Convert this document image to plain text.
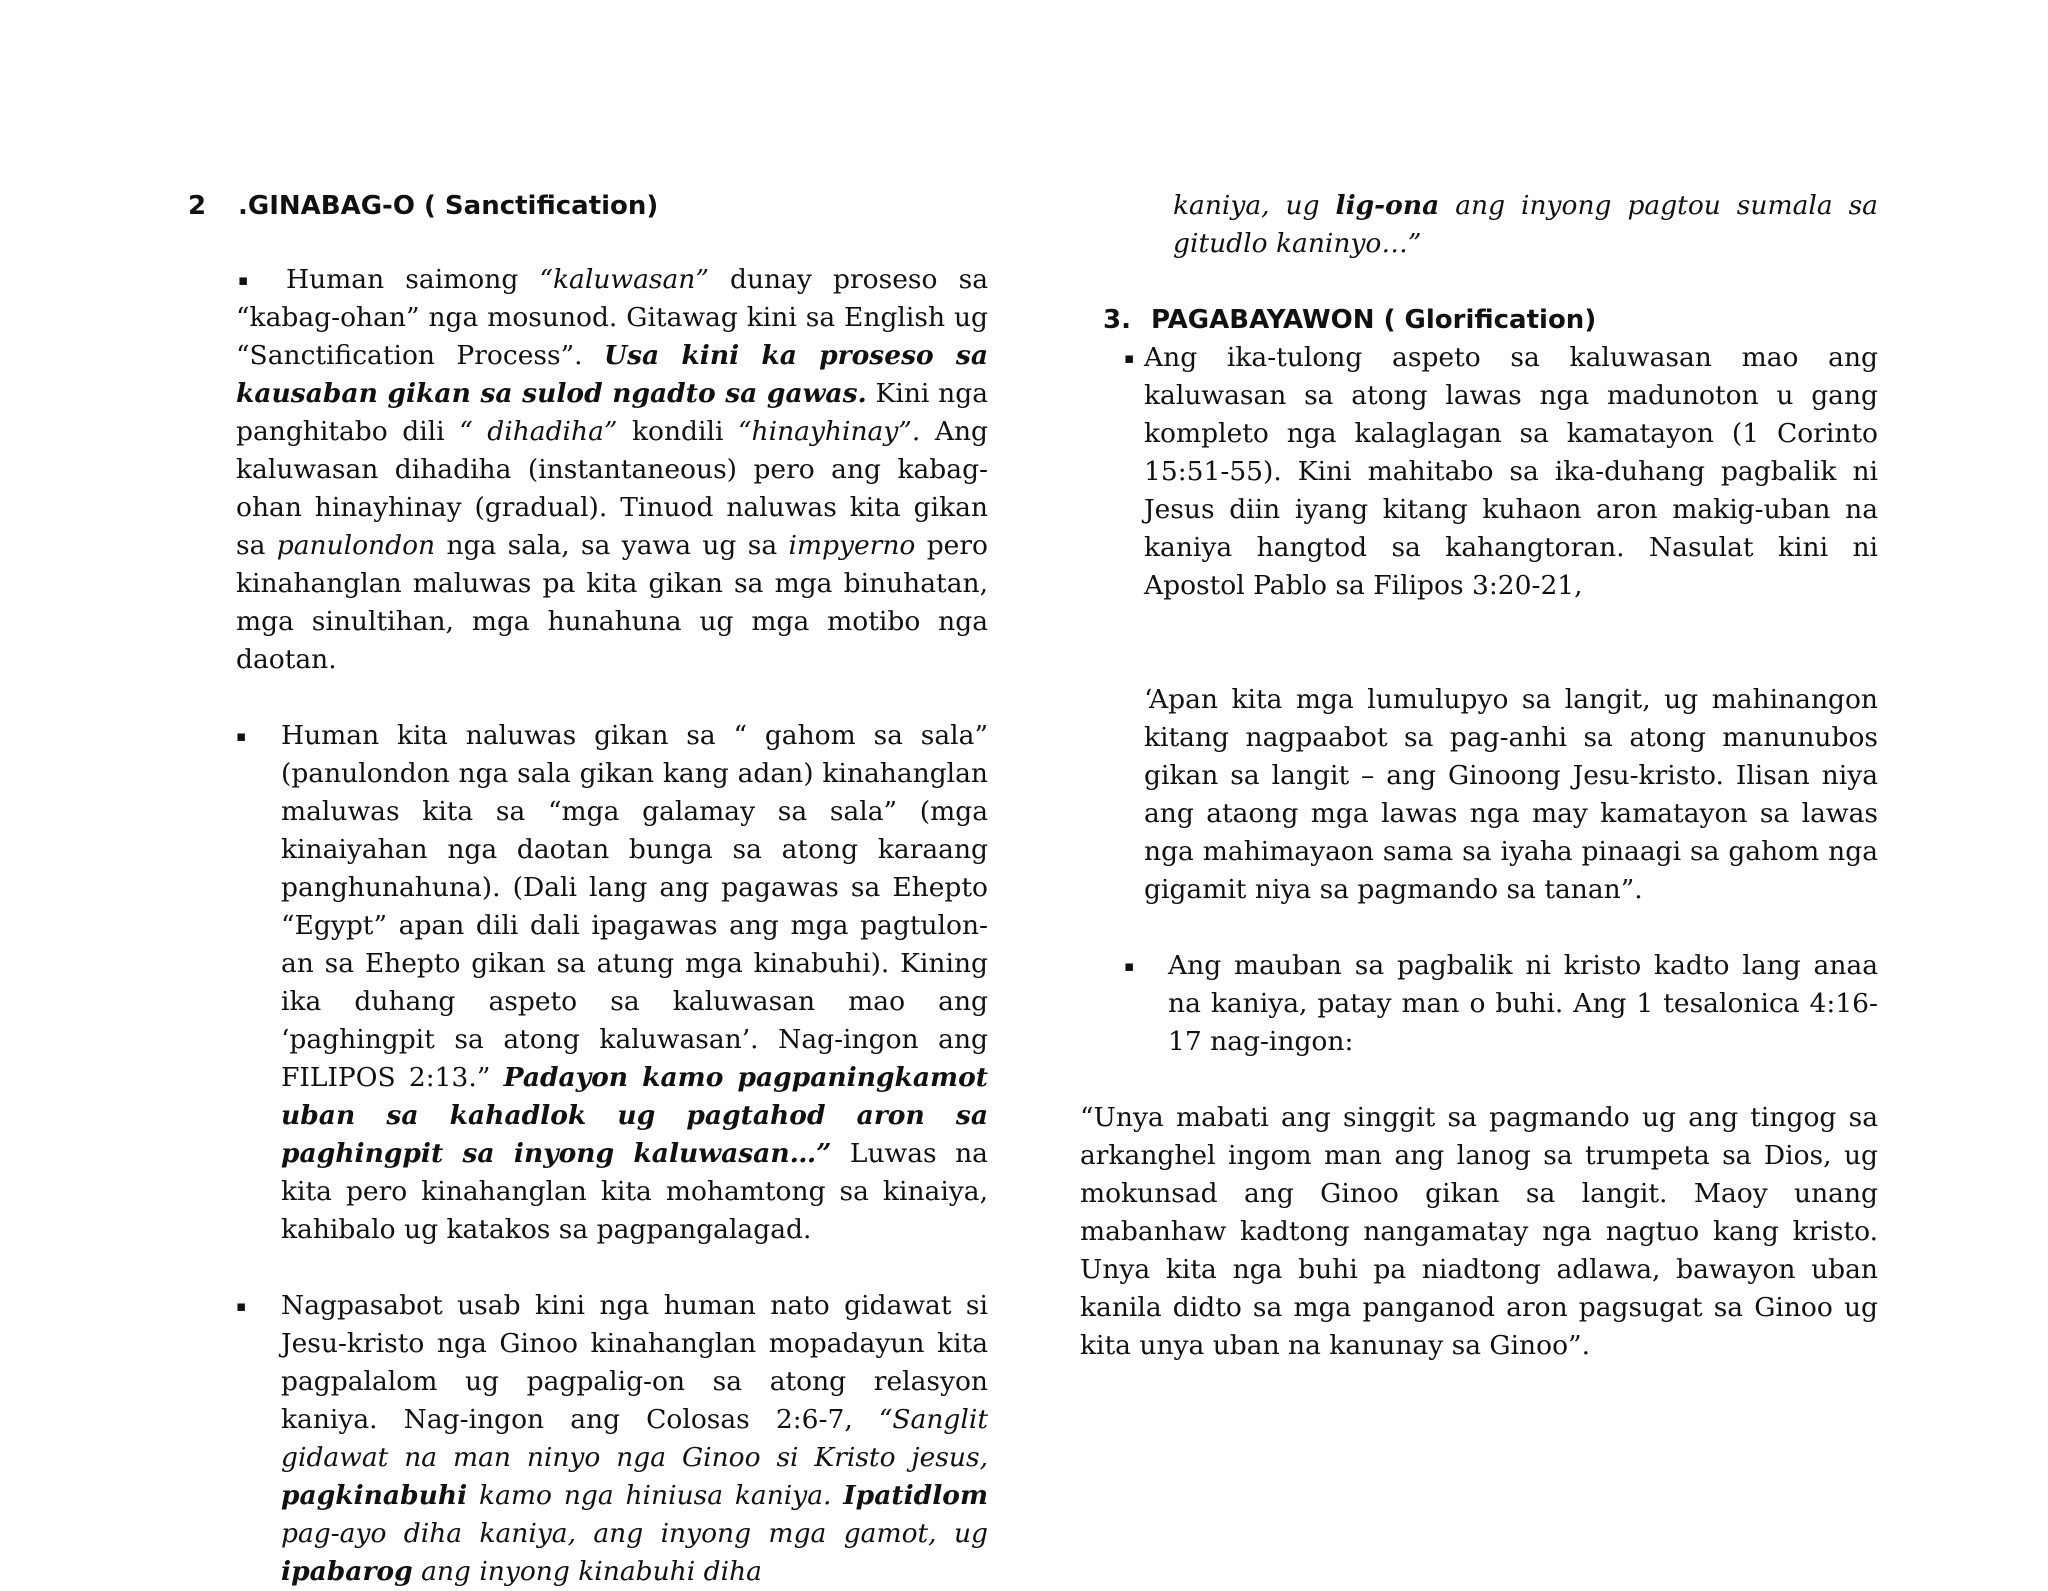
2 .GINABAG-O ( Sanctification)
▪	Human saimong “kaluwasan” dunay proseso sa “kabag-ohan” nga mosunod. Gitawag kini sa English ug “Sanctification Process”. Usa kini ka proseso sa kausaban gikan sa sulod ngadto sa gawas. Kini nga panghitabo dili “ dihadiha” kondili “hinayhinay”. Ang kaluwasan dihadiha (instantaneous) pero ang kabag-ohan hinayhinay (gradual). Tinuod naluwas kita gikan sa panulondon nga sala, sa yawa ug sa impyerno pero kinahanglan maluwas pa kita gikan sa mga binuhatan, mga sinultihan, mga hunahuna ug mga motibo nga daotan.

▪ Human kita naluwas gikan sa “ gahom sa sala” (panulondon nga sala gikan kang adan) kinahanglan maluwas kita sa “mga galamay sa sala” (mga kinaiyahan nga daotan bunga sa atong karaang panghunahuna). (Dali lang ang pagawas sa Ehepto “Egypt” apan dili dali ipagawas ang mga pagtulon-an sa Ehepto gikan sa atung mga kinabuhi). Kining ika duhang aspeto sa kaluwasan mao ang ‘paghingpit sa atong kaluwasan’. Nag-ingon ang FILIPOS 2:13.” Padayon kamo pagpaningkamot uban sa kahadlok ug pagtahod aron sa paghingpit sa inyong kaluwasan…” Luwas na kita pero kinahanglan kita mohamtong sa kinaiya, kahibalo ug katakos sa pagpangalagad.

▪ Nagpasabot usab kini nga human nato gidawat si Jesu-kristo nga Ginoo kinahanglan mopadayun kita pagpalalom ug pagpalig-on sa atong relasyon kaniya. Nag-ingon ang Colosas 2:6-7, “Sanglit gidawat na man ninyo nga Ginoo si Kristo jesus, pagkinabuhi kamo nga hiniusa kaniya. Ipatidlom pag-ayo diha kaniya, ang inyong mga gamot, ug ipabarog ang inyong kinabuhi diha

kaniya, ug lig-ona ang inyong pagtou sumala sa gitudlo kaninyo…”

3. PAGABAYAWON ( Glorification)
▪ Ang ika-tulong aspeto sa kaluwasan mao ang kaluwasan sa atong lawas nga madunoton u gang kompleto nga kalaglagan sa kamatayon (1 Corinto 15:51-55). Kini mahitabo sa ika-duhang pagbalik ni Jesus diin iyang kitang kuhaon aron makig-uban na kaniya hangtod sa kahangtoran. Nasulat kini ni Apostol Pablo sa Filipos 3:20-21,

‘Apan kita mga lumulupyo sa langit, ug mahinangon kitang nagpaabot sa pag-anhi sa atong manunubos gikan sa langit – ang Ginoong Jesu-kristo. Ilisan niya ang ataong mga lawas nga may kamatayon sa lawas nga mahimayaon sama sa iyaha pinaagi sa gahom nga gigamit niya sa pagmando sa tanan”.

▪ Ang mauban sa pagbalik ni kristo kadto lang anaa na kaniya, patay man o buhi. Ang 1 tesalonica 4:16-17 nag-ingon:

“Unya mabati ang singgit sa pagmando ug ang tingog sa arkanghel ingom man ang lanog sa trumpeta sa Dios, ug mokunsad ang Ginoo gikan sa langit. Maoy unang mabanhaw kadtong nangamatay nga nagtuo kang kristo. Unya kita nga buhi pa niadtong adlawa, bawayon uban kanila didto sa mga panganod aron pagsugat sa Ginoo ug kita unya uban na kanunay sa Ginoo”.
